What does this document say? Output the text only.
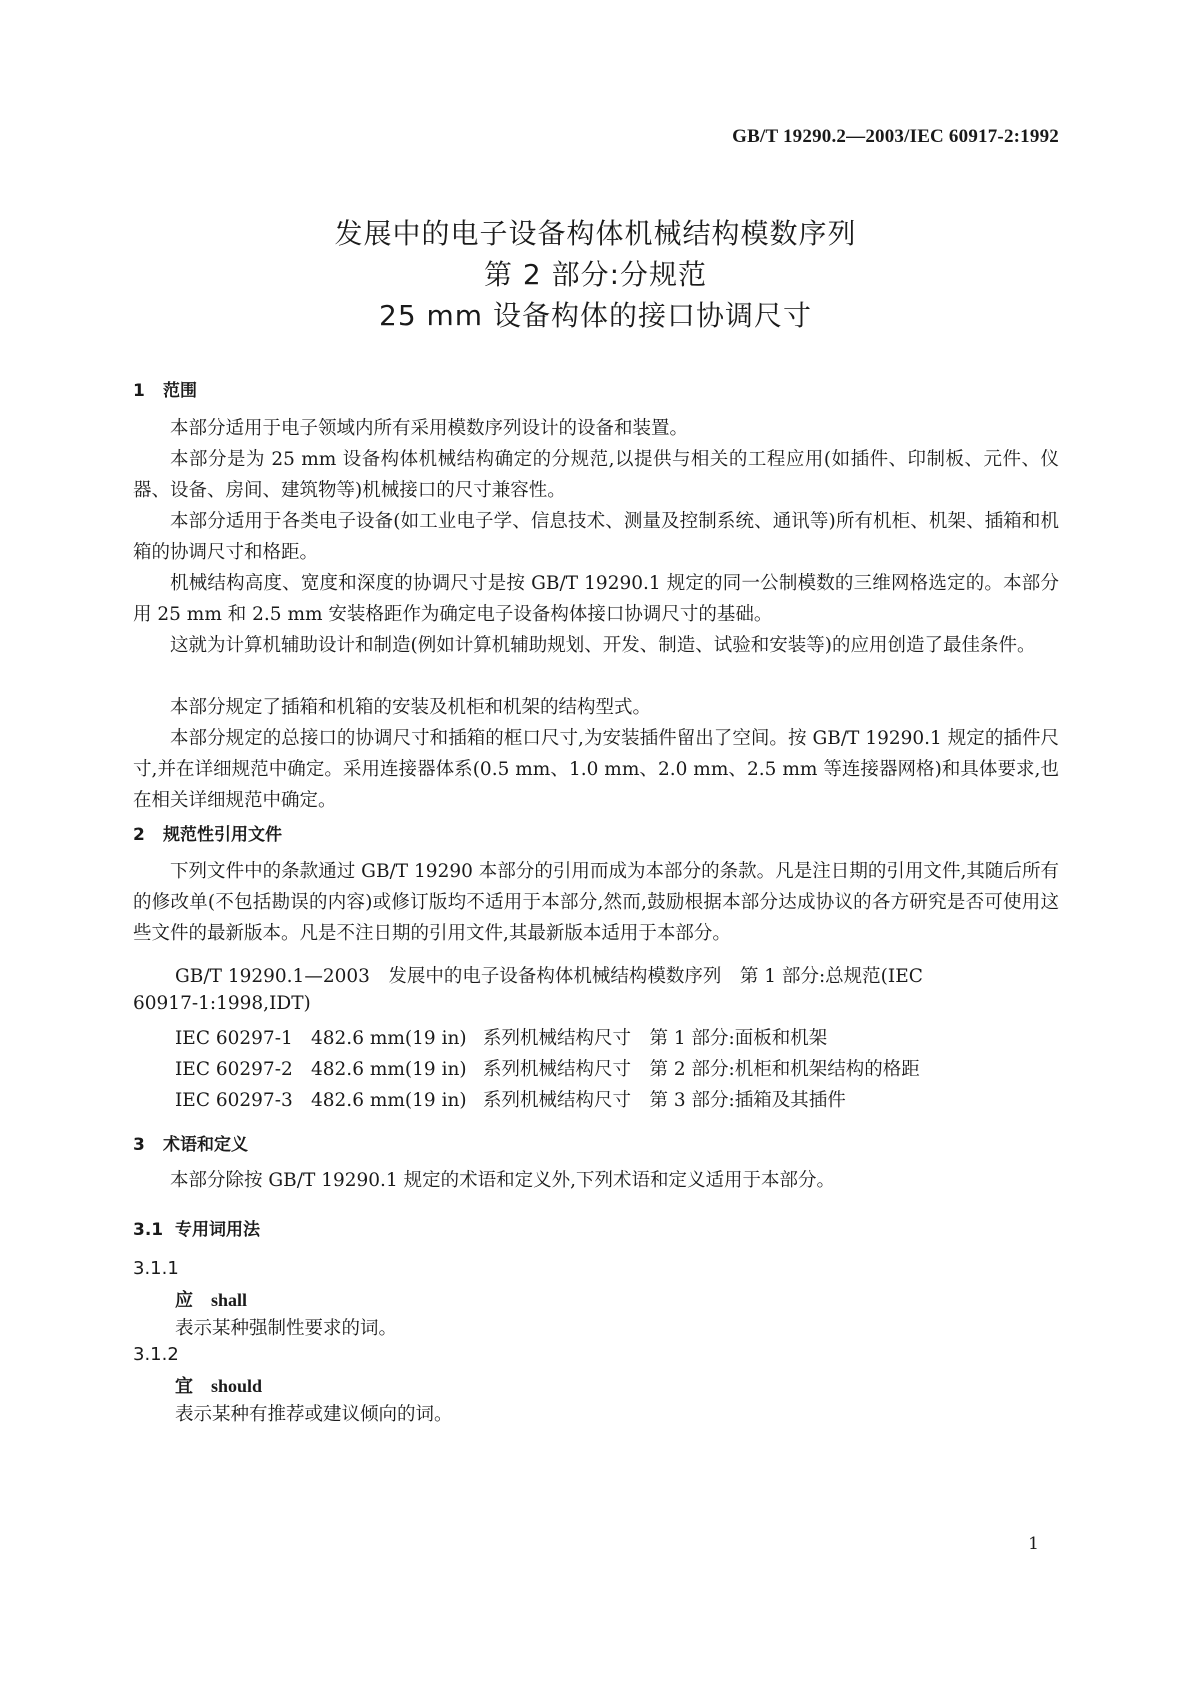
GB/T 19290.2—2003/IEC 60917-2:1992
发展中的电子设备构体机械结构模数序列
第 2 部分:分规范
25 mm 设备构体的接口协调尺寸
1 范围
本部分适用于电子领域内所有采用模数序列设计的设备和装置。
本部分是为 25 mm 设备构体机械结构确定的分规范,以提供与相关的工程应用(如插件、印制板、元件、仪器、设备、房间、建筑物等)机械接口的尺寸兼容性。
本部分适用于各类电子设备(如工业电子学、信息技术、测量及控制系统、通讯等)所有机柜、机架、插箱和机箱的协调尺寸和格距。
机械结构高度、宽度和深度的协调尺寸是按 GB/T 19290.1 规定的同一公制模数的三维网格选定的。本部分用 25 mm 和 2.5 mm 安装格距作为确定电子设备构体接口协调尺寸的基础。
这就为计算机辅助设计和制造(例如计算机辅助规划、开发、制造、试验和安装等)的应用创造了最佳条件。
本部分规定了插箱和机箱的安装及机柜和机架的结构型式。
本部分规定的总接口的协调尺寸和插箱的框口尺寸,为安装插件留出了空间。按 GB/T 19290.1 规定的插件尺寸,并在详细规范中确定。采用连接器体系(0.5 mm、1.0 mm、2.0 mm、2.5 mm 等连接器网格)和具体要求,也在相关详细规范中确定。
2 规范性引用文件
下列文件中的条款通过 GB/T 19290 本部分的引用而成为本部分的条款。凡是注日期的引用文件,其随后所有的修改单(不包括勘误的内容)或修订版均不适用于本部分,然而,鼓励根据本部分达成协议的各方研究是否可使用这些文件的最新版本。凡是不注日期的引用文件,其最新版本适用于本部分。
GB/T 19290.1—2003　发展中的电子设备构体机械结构模数序列　第 1 部分:总规范(IEC
60917-1:1998,IDT)
IEC 60297-1 482.6 mm(19 in) 系列机械结构尺寸　第 1 部分:面板和机架
IEC 60297-2 482.6 mm(19 in) 系列机械结构尺寸　第 2 部分:机柜和机架结构的格距
IEC 60297-3 482.6 mm(19 in) 系列机械结构尺寸　第 3 部分:插箱及其插件
3 术语和定义
本部分除按 GB/T 19290.1 规定的术语和定义外,下列术语和定义适用于本部分。
3.1 专用词用法
3.1.1
应 shall
表示某种强制性要求的词。
3.1.2
宜 should
表示某种有推荐或建议倾向的词。
1
